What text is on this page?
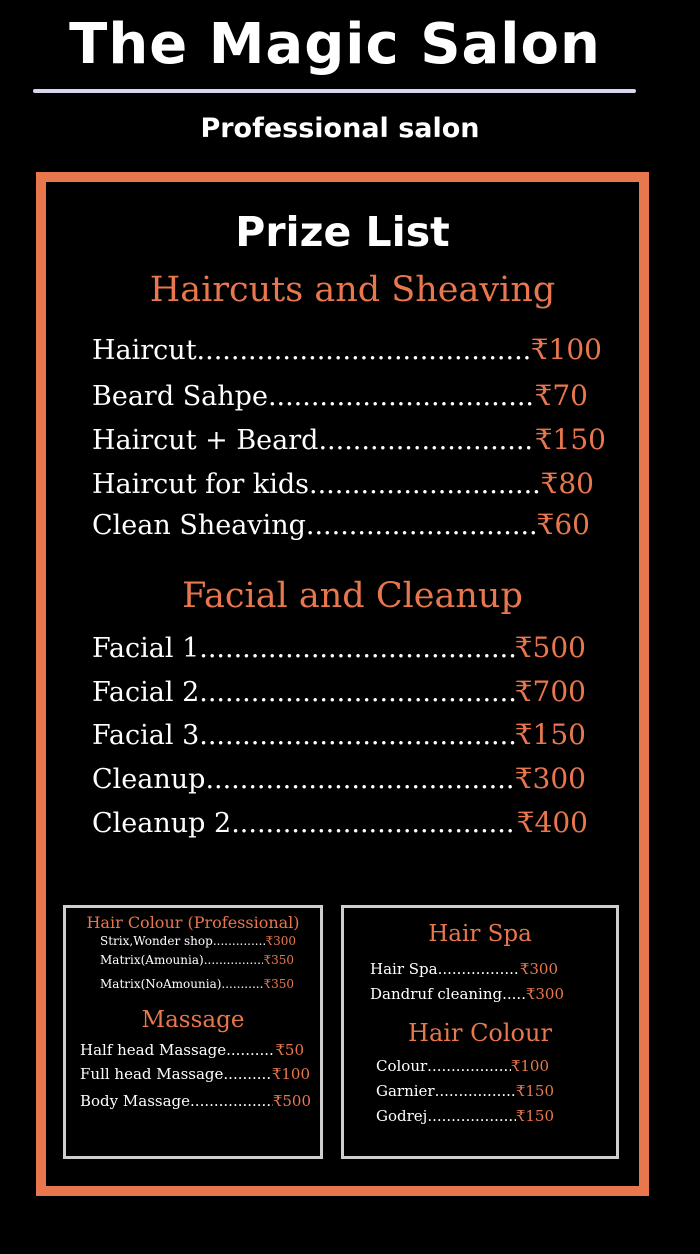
The Magic Salon
Professional salon
Prize List
Haircuts and Sheaving
Haircut .....	₹100
Beard Sahpe .....	₹70
Haircut + Beard .....	₹150
Haircut for kids .....	₹80
Clean Sheaving .....	₹60
Facial and Cleanup
Facial 1 .....	₹500
Facial 2 .....	₹700
Facial 3 .....	₹150
Cleanup .....	₹300
Cleanup 2 .....	₹400
Hair Colour (Professional)
Strix,Wonder shop .....	₹300
Matrix(Amounia) .....	₹350
Matrix(NoAmounia) .....	₹350
Massage
Half head Massage .....	₹50
Full head Massage .....	₹100
Body Massage .....	₹500
Hair Spa
Hair Spa .....	₹300
Dandruf cleaning ..... ₹300
Hair Colour
Colour .....	₹100
Garnier .....	₹150
Godrej .....	₹150
